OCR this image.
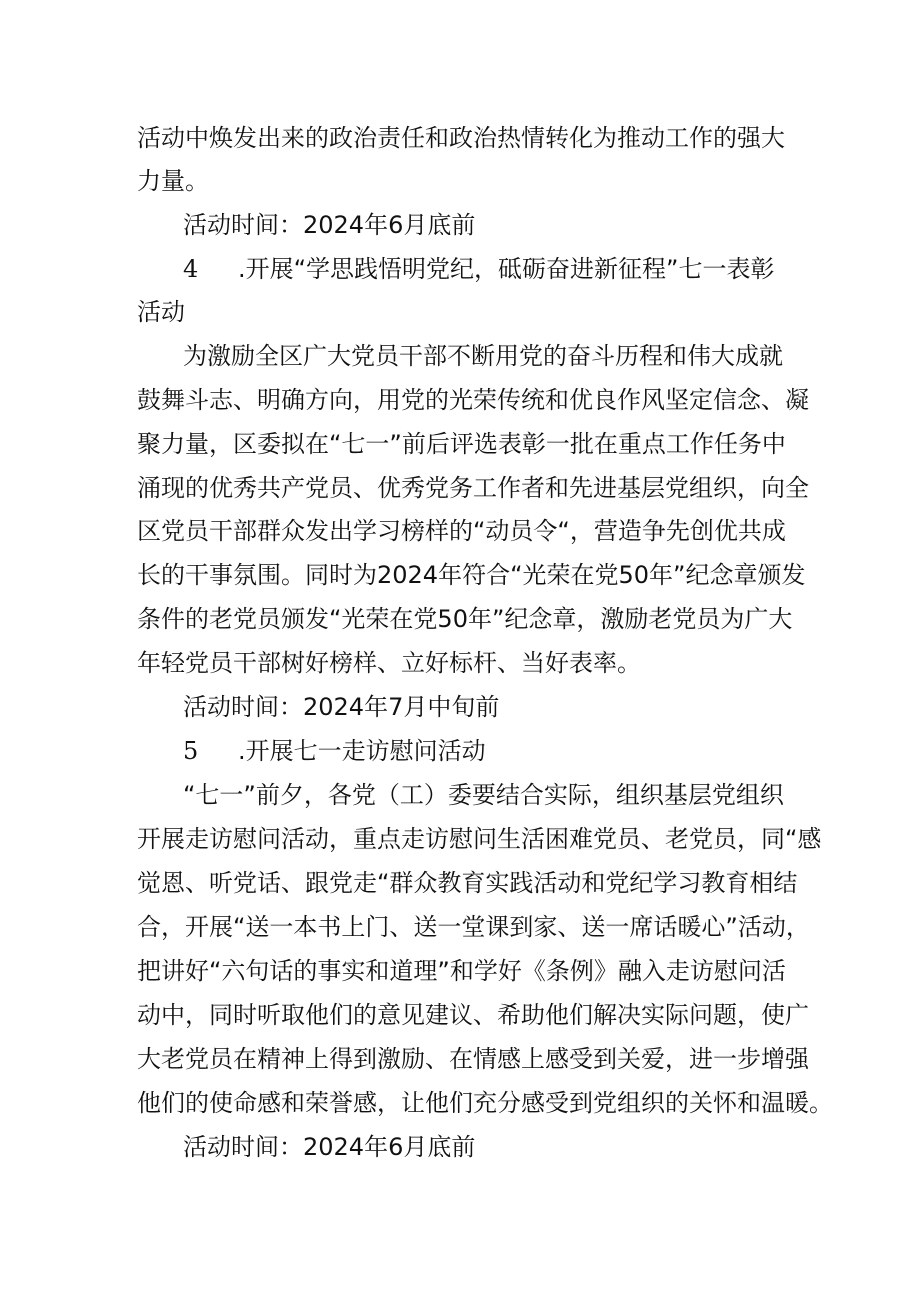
活动中焕发出来的政治责任和政治热情转化为推动工作的强大
力量。
活动时间：2024年6月底前
4 .开展“学思践悟明党纪，砥砺奋进新征程”七一表彰
活动
为激励全区广大党员干部不断用党的奋斗历程和伟大成就
鼓舞斗志、明确方向，用党的光荣传统和优良作风坚定信念、凝
聚力量，区委拟在“七一”前后评选表彰一批在重点工作任务中
涌现的优秀共产党员、优秀党务工作者和先进基层党组织，向全
区党员干部群众发出学习榜样的“动员令“，营造争先创优共成
长的干事氛围。同时为2024年符合“光荣在党50年”纪念章颁发
条件的老党员颁发“光荣在党50年”纪念章，激励老党员为广大
年轻党员干部树好榜样、立好标杆、当好表率。
活动时间：2024年7月中旬前
5 .开展七一走访慰问活动
“七一”前夕，各党（工）委要结合实际，组织基层党组织
开展走访慰问活动，重点走访慰问生活困难党员、老党员，同“感
觉恩、听党话、跟党走“群众教育实践活动和党纪学习教育相结
合，开展“送一本书上门、送一堂课到家、送一席话暖心”活动，
把讲好“六句话的事实和道理”和学好《条例》融入走访慰问活
动中，同时听取他们的意见建议、希助他们解决实际问题，使广
大老党员在精神上得到激励、在情感上感受到关爱，进一步增强
他们的使命感和荣誉感，让他们充分感受到党组织的关怀和温暖。
活动时间：2024年6月底前
